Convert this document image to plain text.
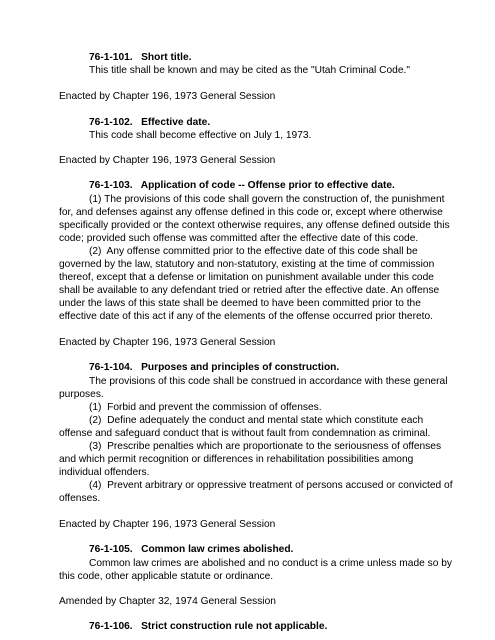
76-1-101.   Short title.
This title shall be known and may be cited as the "Utah Criminal Code."
Enacted by Chapter 196, 1973 General Session
76-1-102.   Effective date.
This code shall become effective on July 1, 1973.
Enacted by Chapter 196, 1973 General Session
76-1-103.   Application of code -- Offense prior to effective date.
(1) The provisions of this code shall govern the construction of, the punishment
for, and defenses against any offense defined in this code or, except where otherwise
specifically provided or the context otherwise requires, any offense defined outside this
code; provided such offense was committed after the effective date of this code.
(2)  Any offense committed prior to the effective date of this code shall be
governed by the law, statutory and non-statutory, existing at the time of commission
thereof, except that a defense or limitation on punishment available under this code
shall be available to any defendant tried or retried after the effective date. An offense
under the laws of this state shall be deemed to have been committed prior to the
effective date of this act if any of the elements of the offense occurred prior thereto.
Enacted by Chapter 196, 1973 General Session
76-1-104.   Purposes and principles of construction.
The provisions of this code shall be construed in accordance with these general
purposes.
(1)  Forbid and prevent the commission of offenses.
(2)  Define adequately the conduct and mental state which constitute each
offense and safeguard conduct that is without fault from condemnation as criminal.
(3)  Prescribe penalties which are proportionate to the seriousness of offenses
and which permit recognition or differences in rehabilitation possibilities among
individual offenders.
(4)  Prevent arbitrary or oppressive treatment of persons accused or convicted of
offenses.
Enacted by Chapter 196, 1973 General Session
76-1-105.   Common law crimes abolished.
Common law crimes are abolished and no conduct is a crime unless made so by
this code, other applicable statute or ordinance.
Amended by Chapter 32, 1974 General Session
76-1-106.   Strict construction rule not applicable.
